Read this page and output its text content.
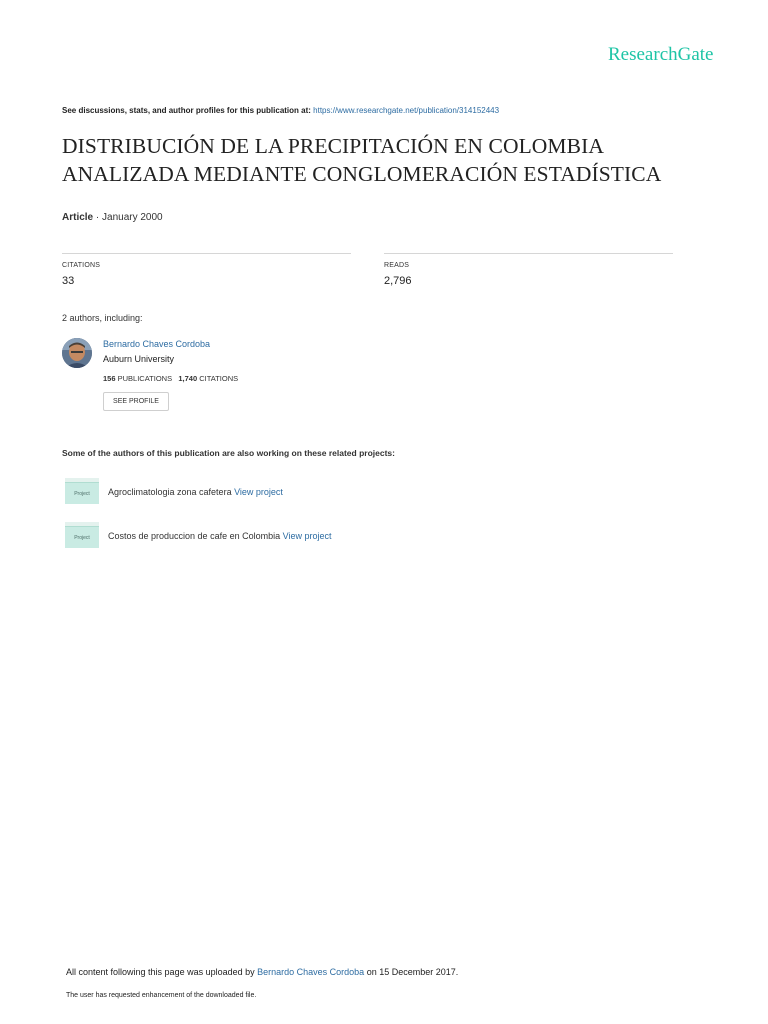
ResearchGate
See discussions, stats, and author profiles for this publication at: https://www.researchgate.net/publication/314152443
DISTRIBUCIÓN DE LA PRECIPITACIÓN EN COLOMBIA ANALIZADA MEDIANTE CONGLOMERACIÓN ESTADÍSTICA
Article · January 2000
CITATIONS
33
READS
2,796
2 authors, including:
Bernardo Chaves Cordoba
Auburn University
156 PUBLICATIONS 1,740 CITATIONS
SEE PROFILE
Some of the authors of this publication are also working on these related projects:
Project	Agroclimatologia zona cafetera View project
Project	Costos de produccion de cafe en Colombia View project
All content following this page was uploaded by Bernardo Chaves Cordoba on 15 December 2017.
The user has requested enhancement of the downloaded file.
